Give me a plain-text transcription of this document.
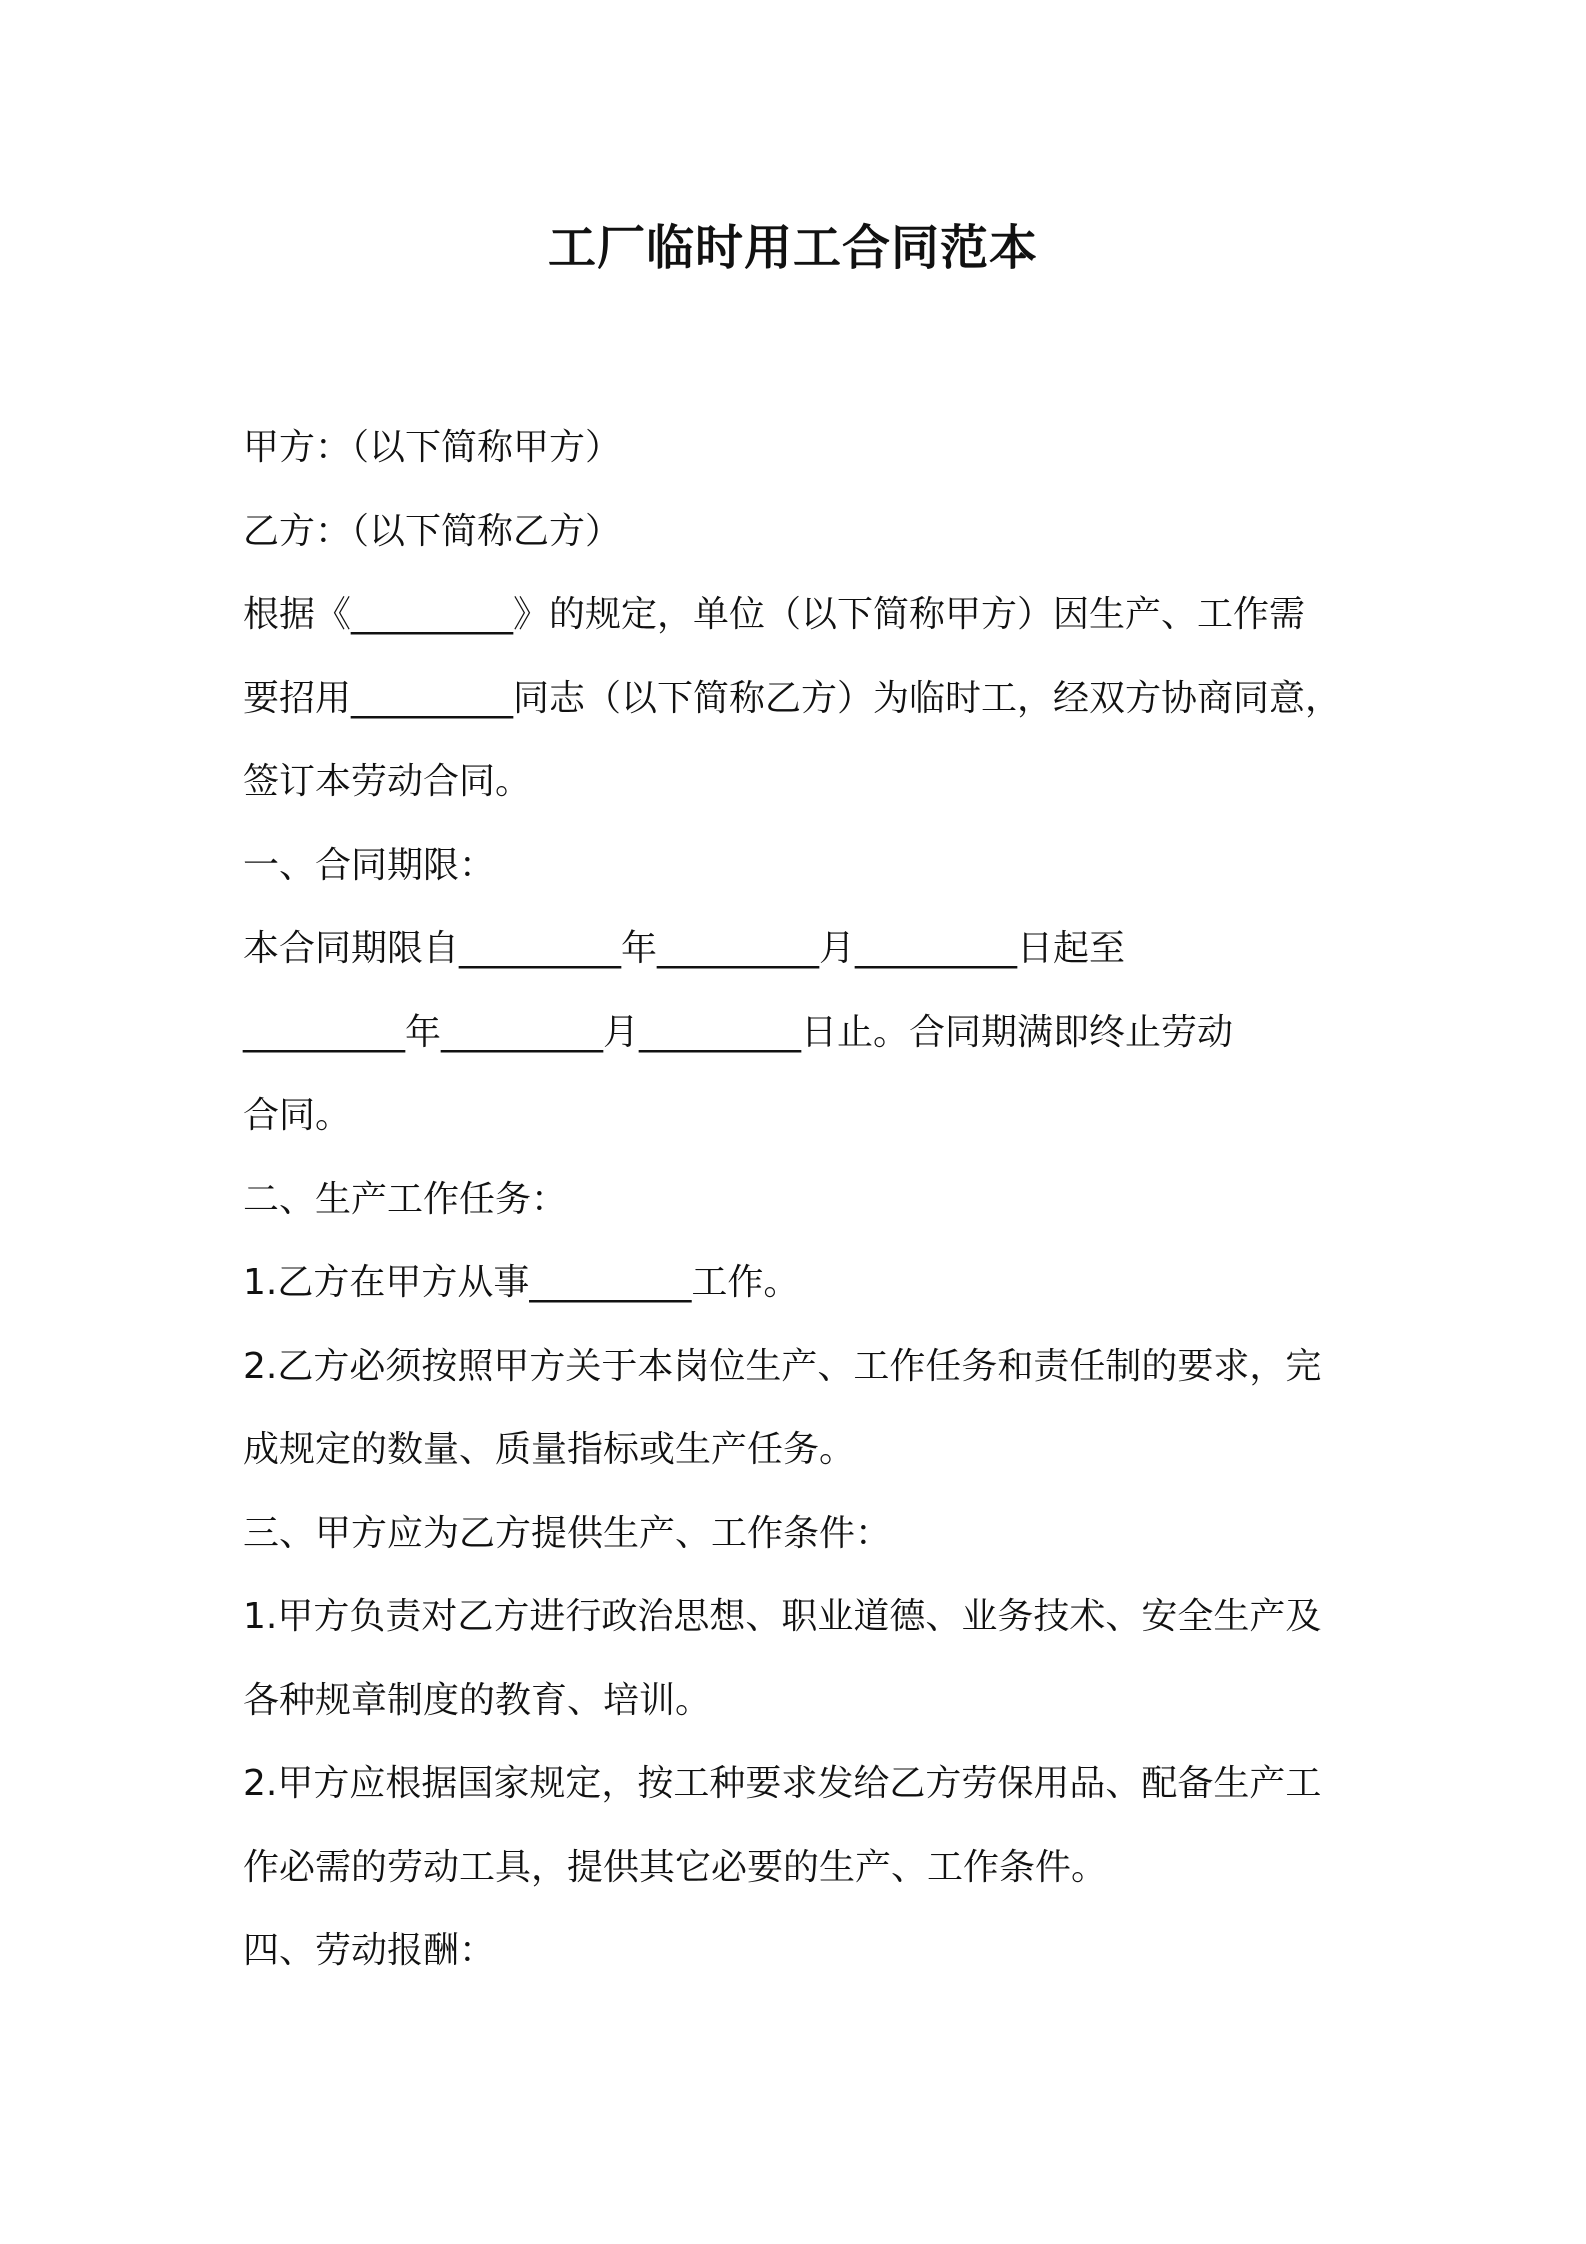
工厂临时用工合同范本
甲方：（以下简称甲方）
乙方：（以下简称乙方）
根据《_________》的规定，单位（以下简称甲方）因生产、工作需
要招用_________同志（以下简称乙方）为临时工，经双方协商同意，
签订本劳动合同。
一、合同期限：
本合同期限自_________年_________月_________日起至
_________年_________月_________日止。合同期满即终止劳动
合同。
二、生产工作任务：
1.乙方在甲方从事_________工作。
2.乙方必须按照甲方关于本岗位生产、工作任务和责任制的要求，完
成规定的数量、质量指标或生产任务。
三、甲方应为乙方提供生产、工作条件：
1.甲方负责对乙方进行政治思想、职业道德、业务技术、安全生产及
各种规章制度的教育、培训。
2.甲方应根据国家规定，按工种要求发给乙方劳保用品、配备生产工
作必需的劳动工具，提供其它必要的生产、工作条件。
四、劳动报酬：
